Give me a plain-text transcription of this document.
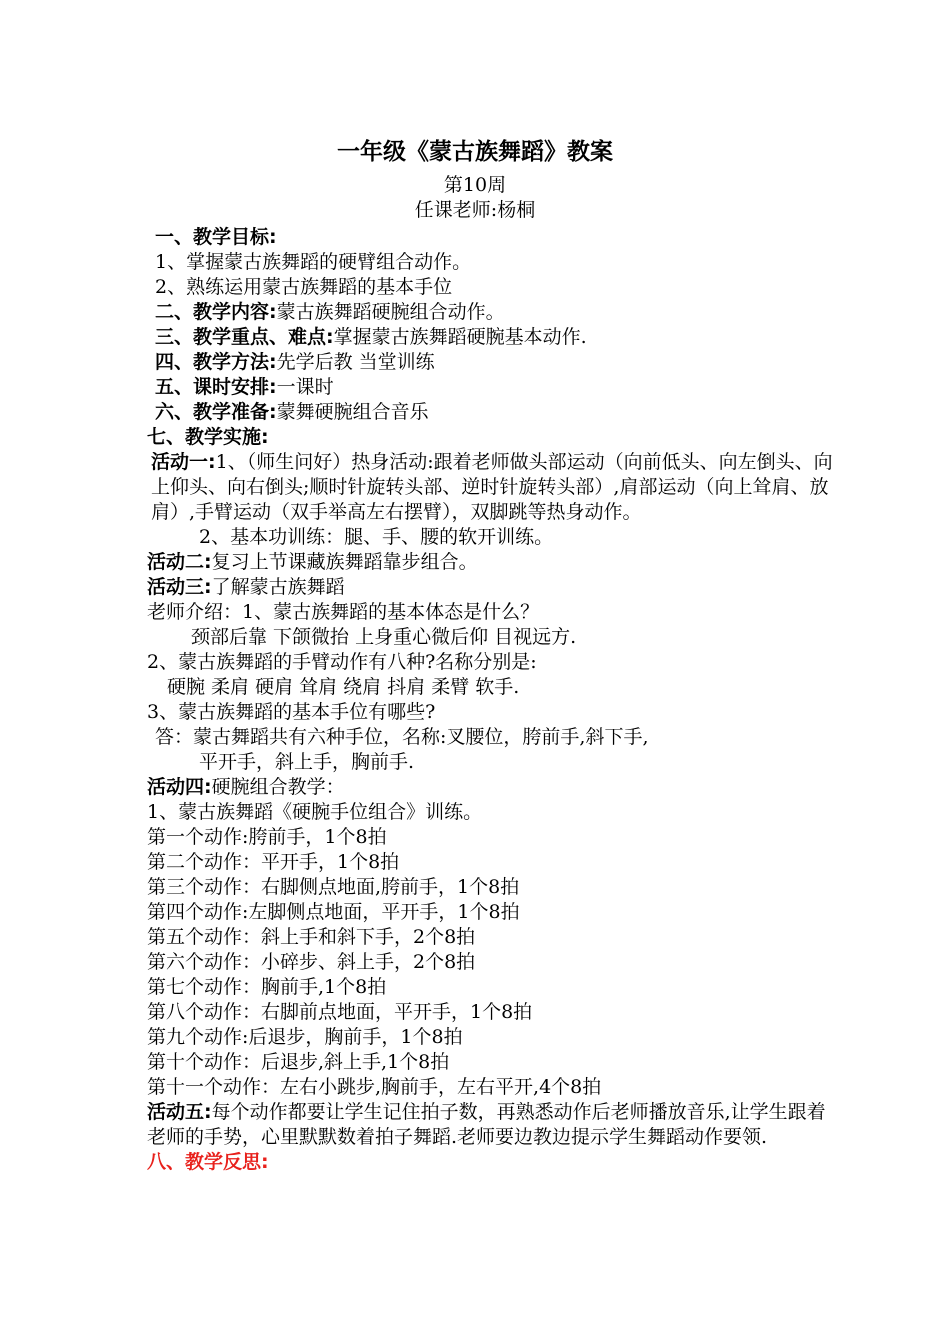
一年级《蒙古族舞蹈》教案
第10周
任课老师:杨桐
一、教学目标:
1、掌握蒙古族舞蹈的硬臂组合动作。
2、熟练运用蒙古族舞蹈的基本手位
二、教学内容:蒙古族舞蹈硬腕组合动作。
三、教学重点、难点:掌握蒙古族舞蹈硬腕基本动作.
四、教学方法:先学后教 当堂训练
五、课时安排:一课时
六、教学准备:蒙舞硬腕组合音乐
七、教学实施:
活动一:1、（师生问好）热身活动:跟着老师做头部运动（向前低头、向左倒头、向上仰头、向右倒头;顺时针旋转头部、逆时针旋转头部）,肩部运动（向上耸肩、放肩）,手臂运动（双手举高左右摆臂），双脚跳等热身动作。
2、基本功训练：腿、手、腰的软开训练。
活动二:复习上节课藏族舞蹈靠步组合。
活动三:了解蒙古族舞蹈
老师介绍：1、蒙古族舞蹈的基本体态是什么？
颈部后靠 下颌微抬 上身重心微后仰 目视远方.
2、蒙古族舞蹈的手臂动作有八种?名称分别是:
硬腕 柔肩 硬肩 耸肩 绕肩 抖肩 柔臂 软手.
3、蒙古族舞蹈的基本手位有哪些?
答：蒙古舞蹈共有六种手位，名称:叉腰位，胯前手,斜下手,
平开手，斜上手，胸前手.
活动四:硬腕组合教学：
1、蒙古族舞蹈《硬腕手位组合》训练。
第一个动作:胯前手，1个8拍
第二个动作：平开手，1个8拍
第三个动作：右脚侧点地面,胯前手，1个8拍
第四个动作:左脚侧点地面，平开手，1个8拍
第五个动作：斜上手和斜下手，2个8拍
第六个动作：小碎步、斜上手，2个8拍
第七个动作：胸前手,1个8拍
第八个动作：右脚前点地面，平开手，1个8拍
第九个动作:后退步，胸前手，1个8拍
第十个动作：后退步,斜上手,1个8拍
第十一个动作：左右小跳步,胸前手，左右平开,4个8拍
活动五:每个动作都要让学生记住拍子数，再熟悉动作后老师播放音乐,让学生跟着老师的手势，心里默默数着拍子舞蹈.老师要边教边提示学生舞蹈动作要领.
八、教学反思:
